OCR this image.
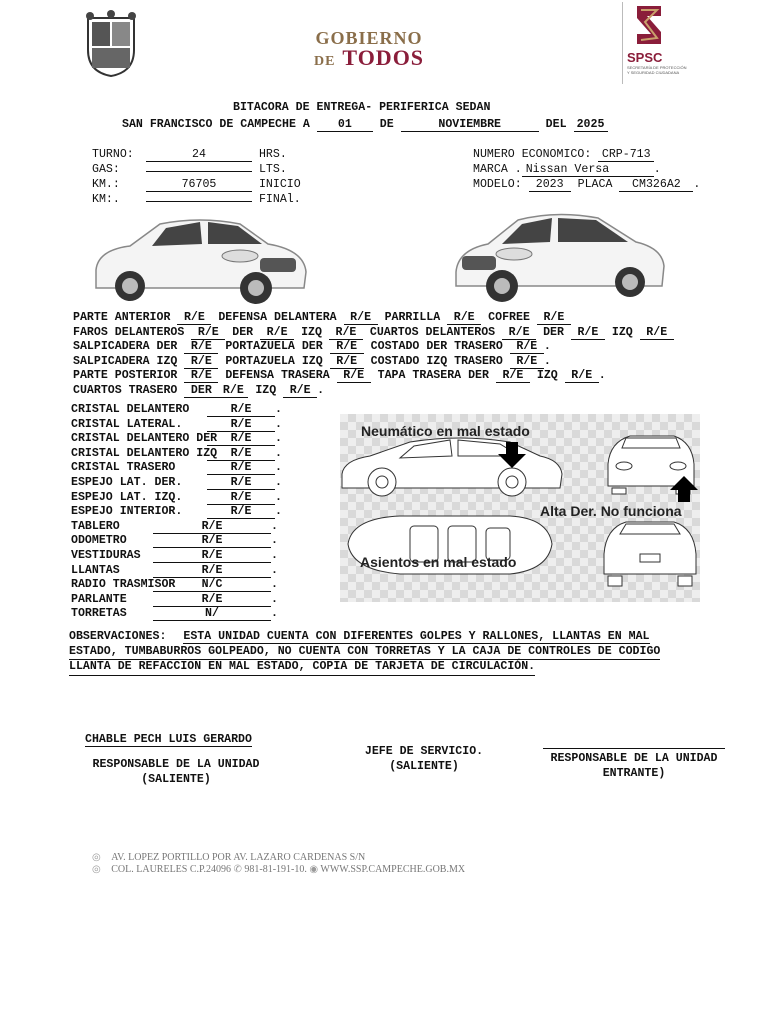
GOBIERNO
DE TODOS	SPSC
SECRETARÍA DE PROTECCIÓN
Y SEGURIDAD CIUDADANA
BITACORA DE ENTREGA- PERIFERICA SEDAN
SAN FRANCISCO DE CAMPECHE A 01 DE	NOVIEMBRE	DEL 2025
TURNO:	24	HRS.
GAS:	LTS.
KM.:	76705	INICIO
KM:.	FINAl.
NUMERO ECONOMICO: CRP-713
MARCA . Nissan Versa	.
MODELO: 2023 PLACA CM326A2 .
PARTE ANTERIOR R/E DEFENSA DELANTERA R/E PARRILLA R/E COFREE R/E
FAROS DELANTEROS R/E DER R/E IZQ R/E CUARTOS DELANTEROS R/E DER R/E IZQ R/E
SALPICADERA DER R/E PORTAZUELA DER R/E COSTADO DER TRASERO R/E .
SALPICADERA IZQ R/E PORTAZUELA IZQ R/E COSTADO IZQ TRASERO R/E .
PARTE POSTERIOR R/E DEFENSA TRASERA R/E TAPA TRASERA DER R/E IZQ R/E .
CUARTOS TRASERO DER R/E IZQ R/E .
CRISTAL DELANTERO	R/E .
CRISTAL LATERAL.	R/E .
CRISTAL DELANTERO DER R/E .
CRISTAL DELANTERO IZQ R/E .
CRISTAL TRASERO	R/E .
ESPEJO LAT. DER.	R/E .
ESPEJO LAT. IZQ.	R/E .
ESPEJO INTERIOR.	R/E .
TABLERO	R/E	.
ODOMETRO	R/E	.
VESTIDURAS	R/E	.
LLANTAS	R/E	.
RADIO TRASMISOR N/C	.
PARLANTE	R/E	.
TORRETAS	N/	.
Neumático en mal estado
Alta Der. No funciona
Asientos en mal estado
OBSERVACIONES: ESTA UNIDAD CUENTA CON DIFERENTES GOLPES Y RALLONES, LLANTAS EN MAL
ESTADO, TUMBABURROS GOLPEADO, NO CUENTA CON TORRETAS Y LA CAJA DE CONTROLES DE CODIGO
LLANTA DE REFACCION EN MAL ESTADO, COPIA DE TARJETA DE CIRCULACIÓN.
CHABLE PECH LUIS GERARDO
RESPONSABLE DE LA UNIDAD
(SALIENTE)
JEFE DE SERVICIO.
(SALIENTE)
RESPONSABLE DE LA UNIDAD
ENTRANTE)
◎ AV. LOPEZ PORTILLO POR AV. LAZARO CARDENAS S/N
◎ COL. LAURELES C.P.24096 ✆ 981-81-191-10. ◉ WWW.SSP.CAMPECHE.GOB.MX
